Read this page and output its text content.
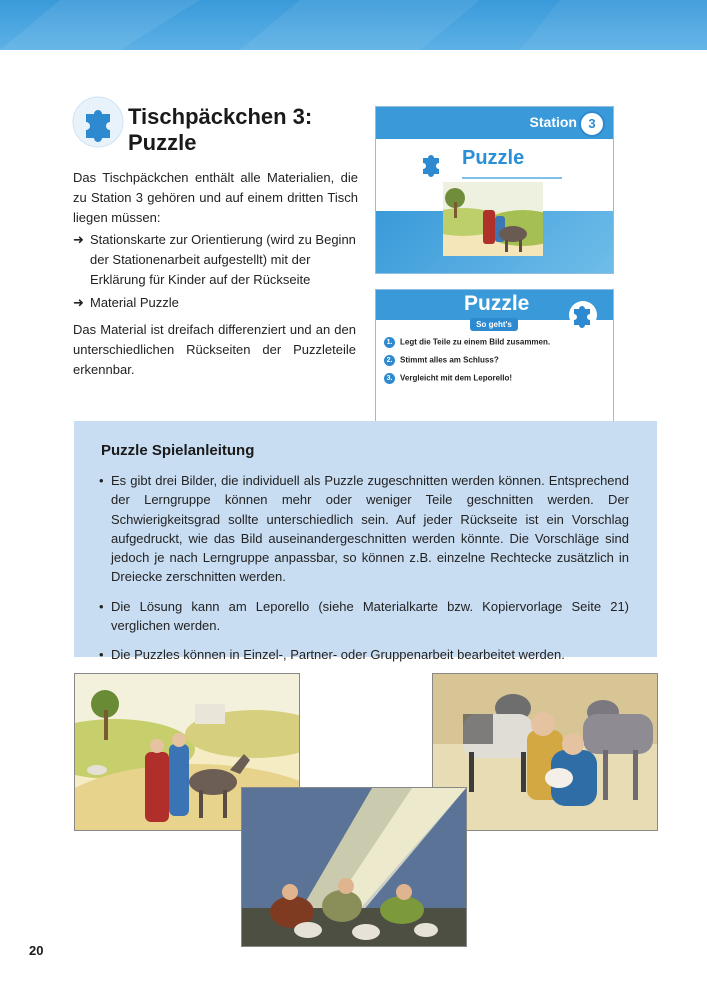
Tischpäckchen 3:
Puzzle

Das Tischpäckchen enthält alle Materialien, die zu Station 3 gehören und auf einem dritten Tisch liegen müssen:

➜ Stationskarte zur Orientierung (wird zu Beginn der Stationenarbeit aufgestellt) mit der Erklärung für Kinder auf der Rückseite
➜ Material Puzzle

Das Material ist dreifach differenziert und an den unterschiedlichen Rückseiten der Puzzleteile erkennbar.

Station 3
Puzzle
Puzzle
So geht's
1. Legt die Teile zu einem Bild zusammen.
2. Stimmt alles am Schluss?
3. Vergleicht mit dem Leporello!
Puzzle Spielanleitung
• Es gibt drei Bilder, die individuell als Puzzle zugeschnitten werden können. Entsprechend der Lerngruppe können mehr oder weniger Teile geschnitten werden. Der Schwierigkeitsgrad sollte unterschiedlich sein. Auf jeder Rückseite ist ein Vorschlag aufgedruckt, wie das Bild auseinandergeschnitten werden könnte. Die Vorschläge sind jedoch je nach Lerngruppe anpassbar, so können z.B. einzelne Rechtecke zusätzlich in Dreiecke zerschnitten werden.
• Die Lösung kann am Leporello (siehe Materialkarte bzw. Kopiervorlage Seite 21) verglichen werden.
• Die Puzzles können in Einzel-, Partner- oder Gruppenarbeit bearbeitet werden.
20
